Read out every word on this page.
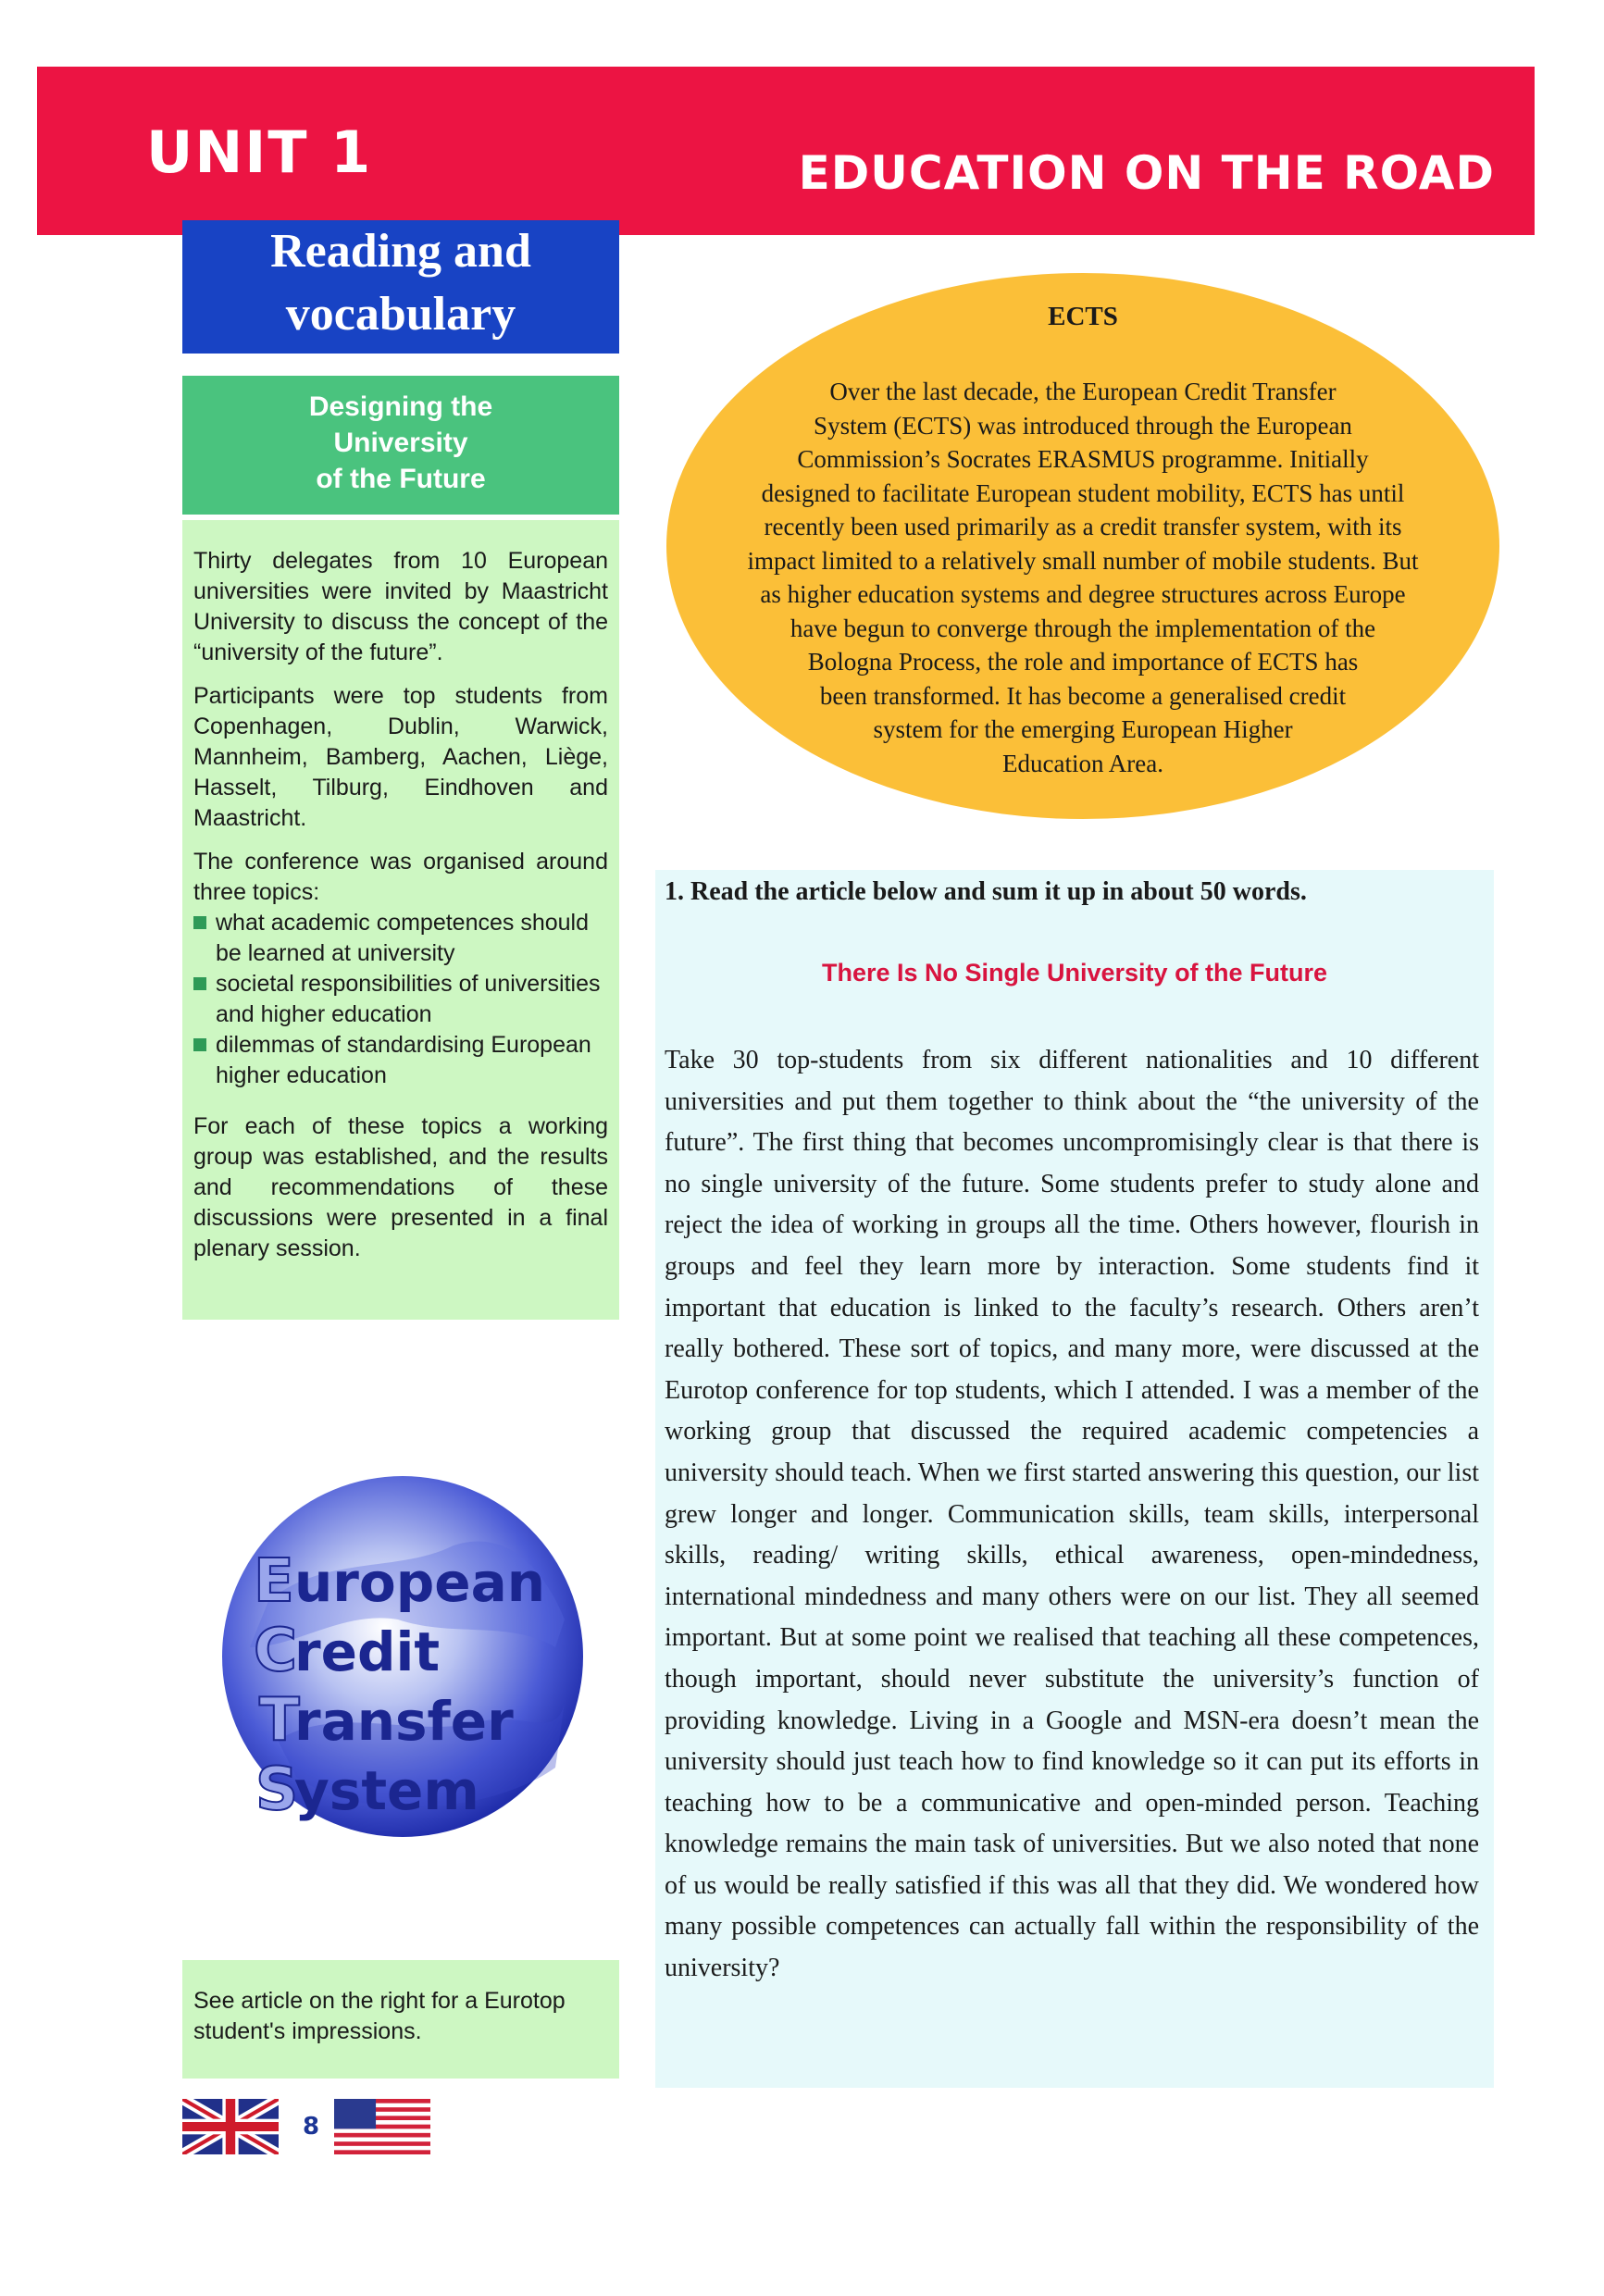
UNIT 1	EDUCATION ON THE ROAD
Reading and
vocabulary
Designing the
University
of the Future

Thirty delegates from 10 European universities were invited by Maastricht University to discuss the concept of the “university of the future”.

Participants were top students from Copenhagen, Dublin, Warwick, Mannheim, Bamberg, Aachen, Liège, Hasselt, Tilburg, Eindhoven and Maastricht.

The conference was organised around three topics:

what academic competences should be learned at university
societal responsibilities of universities and higher education
dilemmas of standardising European higher education

For each of these topics a working group was established, and the results and recommendations of these discussions were presented in a final plenary session.

E
C
T
S
uropean
redit
ransfer
ystem
See article on the right for a Eurotop student's impressions.
8
ECTS
Over the last decade, the European Credit Transfer
System (ECTS) was introduced through the European
Commission’s Socrates ERASMUS programme. Initially
designed to facilitate European student mobility, ECTS has until
recently been used primarily as a credit transfer system, with its
impact limited to a relatively small number of mobile students. But
as higher education systems and degree structures across Europe
have begun to converge through the implementation of the
Bologna Process, the role and importance of ECTS has
been transformed. It has become a generalised credit
system for the emerging European Higher
Education Area.
1. Read the article below and sum it up in about 50 words.
There Is No Single University of the Future
Take 30 top-students from six different nationalities and 10 different universities and put them together to think about the “the university of the future”. The first thing that becomes uncompromisingly clear is that there is no single university of the future. Some students prefer to study alone and reject the idea of working in groups all the time. Others however, flourish in groups and feel they learn more by interaction. Some students find it important that education is linked to the faculty’s research. Others aren’t really bothered. These sort of topics, and many more, were discussed at the Eurotop conference for top students, which I attended. I was a member of the working group that discussed the required academic competencies a university should teach. When we first started answering this question, our list grew longer and longer. Communication skills, team skills, interpersonal skills, reading/ writing skills, ethical awareness, open-mindedness, international mindedness and many others were on our list. They all seemed important. But at some point we realised that teaching all these competences, though important, should never substitute the university’s function of providing knowledge. Living in a Google and MSN-era doesn’t mean the university should just teach how to find knowledge so it can put its efforts in teaching how to be a communicative and open-minded person. Teaching knowledge remains the main task of universities. But we also noted that none of us would be really satisfied if this was all that they did. We wondered how many possible competences can actually fall within the responsibility of the university?
